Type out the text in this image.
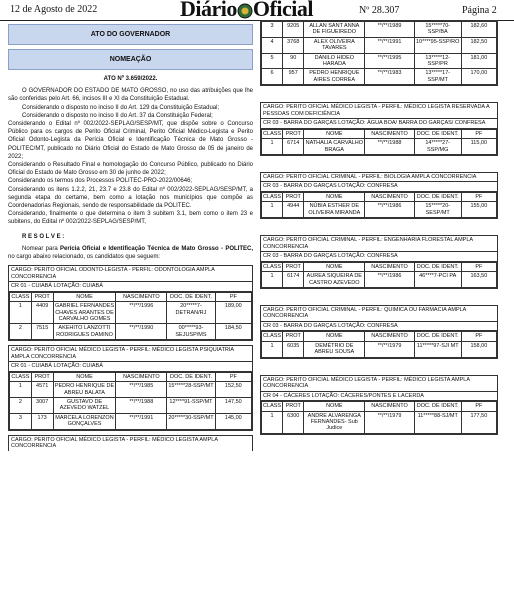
12 de Agosto de 2022	Diário Oficial	Nº 28.307	Página 2
ATO DO GOVERNADOR
NOMEAÇÃO

ATO Nº 3.659/2022.

O GOVERNADOR DO ESTADO DE MATO GROSSO, no uso das atribuições que lhe são conferidas pelo Art. 66, incisos III e XI da Constituição Estadual.

Considerando o disposto no inciso II do Art. 129 da Constituição Estadual;

Considerando o disposto no inciso II do Art. 37 da Constituição Federal;

Considerando o Edital nº 002/2022-SEPLAG/SESP/MT, que dispõe sobre o Concurso Público para os cargos de Perito Oficial Criminal, Perito Oficial Médico-Legista e Perito Oficial Odonto-Legista da Perícia Oficial e Identificação Técnica de Mato Grosso - POLITEC/MT, publicado no Diário Oficial do Estado de Mato Grosso de 05 de janeiro de 2022;

Considerando o Resultado Final e homologação do Concurso Público, publicado no Diário Oficial do Estado de Mato Grosso em 30 de junho de 2022;

Considerando os termos dos Processos POLITEC-PRO-2022/00646;

Considerando os itens 1.2.2, 21, 23.7 e 23.8 do Edital nº 002/2022-SEPLAG/SESP/MT, a segunda etapa do certame, bem como a lotação nos municípios que compõe as Coordenadorias Regionais, sendo de responsabilidade da POLITEC.

Considerando, finalmente o que determina o item 3 subitem 3.1, bem como o item 23 e subitens, do Edital nº 002/2022-SEPLAG/SESP/MT,

R E S O L V E :

Nomear para Perícia Oficial e Identificação Técnica de Mato Grosso - POLITEC, no cargo abaixo relacionado, os candidatos que seguem:

CARGO: PERITO OFICIAL ODONTO-LEGISTA - PERFIL: ODONTOLOGIA AMPLA CONCORRENCIA
CR 01 - CUIABÁ LOTAÇÃO: CUIABÁ
CLASS	PROT	NOME	NASCIMENTO	DOC. DE IDENT.	PF
1	4409	GABRIEL FERNANDES CHAVES ARANTES DE CARVALHO GOMES	**/**/1996	20*****7-DETRAN/RJ	189,00
2	7515	AKEHITO LANZOTTI RODRIGUES DAMINO	**/**/1990	00*****93-SEJUSP/MS	184,50
CARGO: PERITO OFICIAL MÉDICO LEGISTA - PERFIL: MÉDICO LEGISTA PSIQUIATRIA AMPLA CONCORRENCIA
CR 01 - CUIABÁ LOTAÇÃO: CUIABÁ
CLASS	PROT	NOME	NASCIMENTO	DOC. DE IDENT.	PF
1	4571	PEDRO HENRIQUE DE ABREU BALATA	**/**/1985	15*****28-SSP/MT	152,50
2	3007	GUSTAVO DE AZEVEDO WATZEL	**/**/1988	12****91-SSP/MT	147,50
3	173	MARCELA LORENZON GONÇALVES	**/**/1991	20*****30-SSP/MT	145,00
CARGO: PERITO OFICIAL MÉDICO LEGISTA - PERFIL: MÉDICO LEGISTA AMPLA CONCORRENCIA
3	9205	ALLAN SANT ANNA DE FIGUEIREDO	**/**/1989	15*****70-SSP/BA	182,60
4	3768	ALEX OLIVEIRA TAVARES	**/**/1991	10****95-SSP/RO	182,50
5	90	DANILO HIDEO HARADA	**/**/1995	13*****12-SSP/PR	181,00
6	957	PEDRO HENRIQUE AIRES CORREA	**/**/1983	13*****17-SSP/MT	170,00
CARGO: PERITO OFICIAL MÉDICO LEGISTA - PERFIL: MÉDICO LEGISTA RESERVADA A PESSOAS COM DEFICIÊNCIA
CR 03 - BARRA DO GARÇAS LOTAÇÃO: ÁGUA BOA/ BARRA DO GARÇAS/ CONFRESA
CLASS	PROT	NOME	NASCIMENTO	DOC. DE IDENT.	PF
1	6714	NATHALIA CARVALHO BRAGA	**/**/1988	14*****27-SSP/MG	115,00
CARGO: PERITO OFICIAL CRIMINAL - PERFIL: BIOLOGIA AMPLA CONCORRENCIA
CR 03 - BARRA DO GARÇAS LOTAÇÃO: CONFRESA
CLASS	PROT	NOME	NASCIMENTO	DOC. DE IDENT.	PF
1	4944	NÚBIA ESTHER DE OLIVEIRA MIRANDA	**/**/1986	15*****20-SESP/MT	155,00
CARGO: PERITO OFICIAL CRIMINAL - PERFIL: ENGENHARIA FLORESTAL AMPLA CONCORRENCIA
CR 03 - BARRA DO GARÇAS LOTAÇÃO: CONFRESA
CLASS	PROT	NOME	NASCIMENTO	DOC. DE IDENT.	PF
1	6174	AUREA SIQUEIRA DE CASTRO AZEVEDO	**/**/1986	46****7-PCI PA	163,50
CARGO: PERITO OFICIAL CRIMINAL - PERFIL: QUIMICA OU FARMACIA AMPLA CONCORRENCIA
CR 03 - BARRA DO GARÇAS LOTAÇÃO: CONFRESA
CLASS	PROT	NOME	NASCIMENTO	DOC. DE IDENT.	PF
1	6035	DEMÉTRIO DE ABREU SOUSA	**/**/1979	11*****97-SJI MT	158,00
CARGO: PERITO OFICIAL MÉDICO LEGISTA - PERFIL: MÉDICO LEGISTA AMPLA CONCORRENCIA
CR 04 - CÁCERES LOTAÇÃO: CÁCERES/PONTES E LACERDA
CLASS	PROT	NOME	NASCIMENTO	DOC. DE IDENT.	PF
1	6300	ANDRE ALVARENGA FERNANDES- Sub Judice	**/**/1979	11*****88-SJ/MT	177,50
